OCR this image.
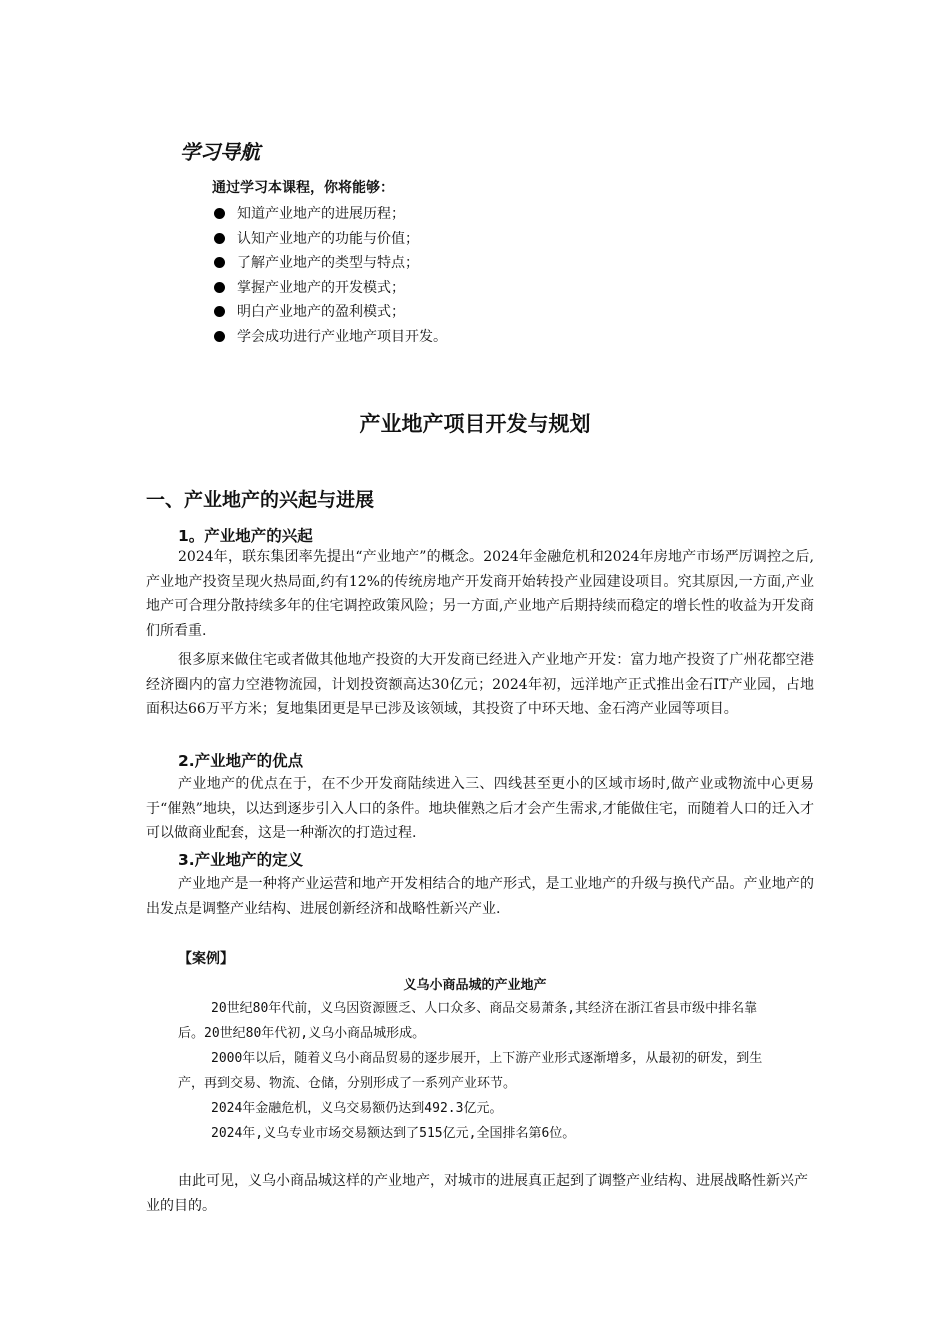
学习导航
通过学习本课程，你将能够：
知道产业地产的进展历程；
认知产业地产的功能与价值；
了解产业地产的类型与特点；
掌握产业地产的开发模式；
明白产业地产的盈利模式；
学会成功进行产业地产项目开发。
产业地产项目开发与规划
一、产业地产的兴起与进展
1。产业地产的兴起

2024年，联东集团率先提出“产业地产”的概念。2024年金融危机和2024年房地产市场严厉调控之后,产业地产投资呈现火热局面,约有12%的传统房地产开发商开始转投产业园建设项目。究其原因,一方面,产业地产可合理分散持续多年的住宅调控政策风险；另一方面,产业地产后期持续而稳定的增长性的收益为开发商们所看重.

很多原来做住宅或者做其他地产投资的大开发商已经进入产业地产开发：富力地产投资了广州花都空港经济圈内的富力空港物流园，计划投资额高达30亿元；2024年初，远洋地产正式推出金石IT产业园，占地面积达66万平方米；复地集团更是早已涉及该领域，其投资了中环天地、金石湾产业园等项目。

2.产业地产的优点

产业地产的优点在于，在不少开发商陆续进入三、四线甚至更小的区域市场时,做产业或物流中心更易于“催熟”地块，以达到逐步引入人口的条件。地块催熟之后才会产生需求,才能做住宅，而随着人口的迁入才可以做商业配套，这是一种渐次的打造过程.

3.产业地产的定义

产业地产是一种将产业运营和地产开发相结合的地产形式，是工业地产的升级与换代产品。产业地产的出发点是调整产业结构、进展创新经济和战略性新兴产业.

【案例】
义乌小商品城的产业地产

20世纪80年代前，义乌因资源匮乏、人口众多、商品交易萧条,其经济在浙江省县市级中排名靠后。20世纪80年代初,义乌小商品城形成。

2000年以后，随着义乌小商品贸易的逐步展开，上下游产业形式逐渐增多，从最初的研发，到生产，再到交易、物流、仓储，分别形成了一系列产业环节。

2024年金融危机，义乌交易额仍达到492.3亿元。

2024年,义乌专业市场交易额达到了515亿元,全国排名第6位。

由此可见，义乌小商品城这样的产业地产，对城市的进展真正起到了调整产业结构、进展战略性新兴产业的目的。
